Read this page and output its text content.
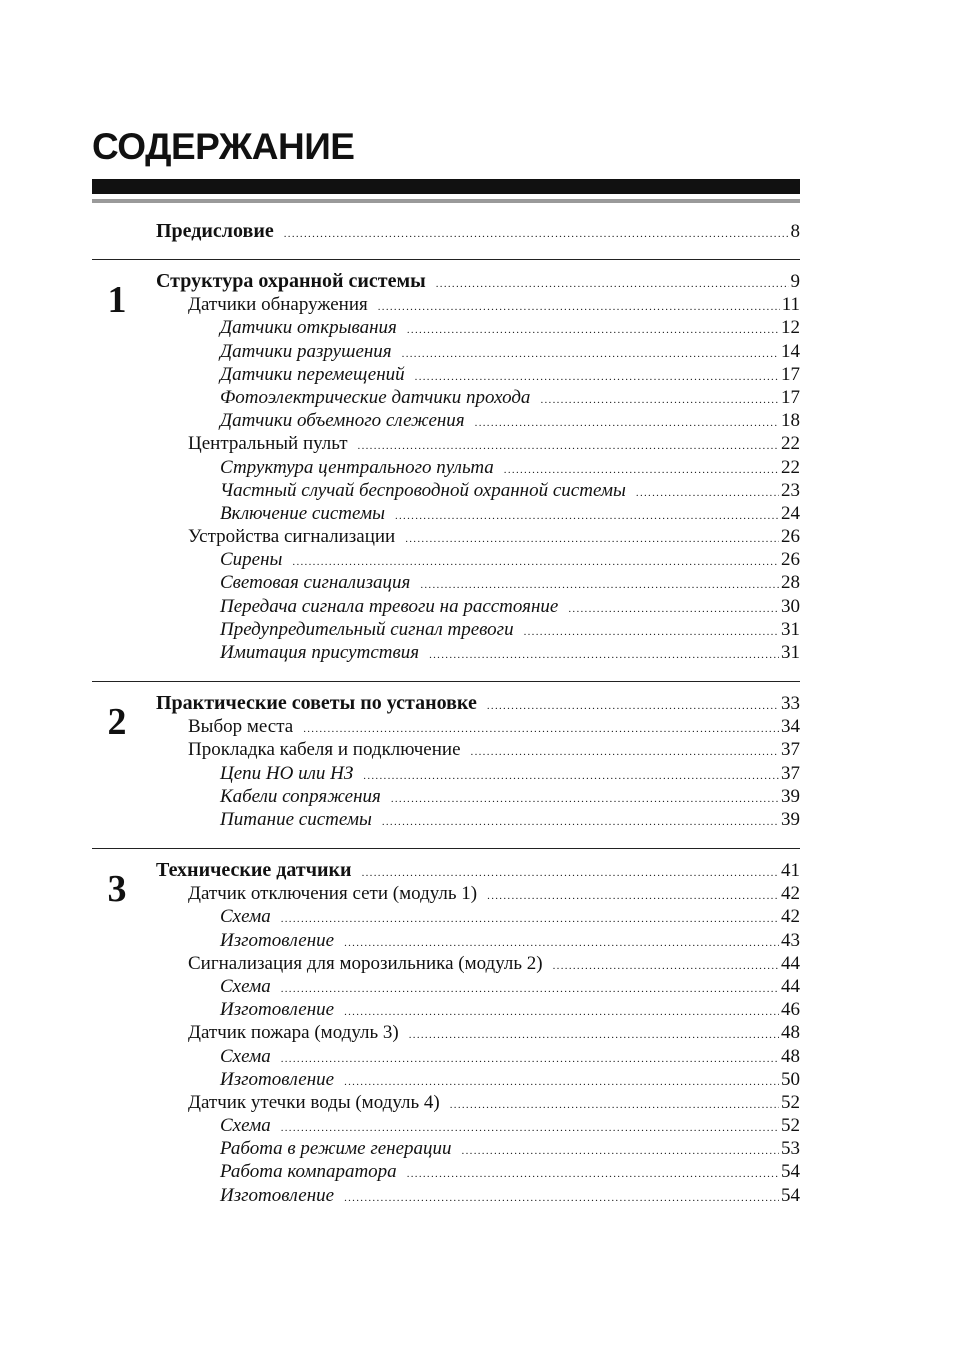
СОДЕРЖАНИЕ
Предисловие .....	8
1 Структура охранной системы .....	9
Датчики обнаружения .....	11
Датчики открывания .....	12
Датчики разрушения .....	14
Датчики перемещений .....	17
Фотоэлектрические датчики прохода .....	17
Датчики объемного слежения .....	18
Центральный пульт .....	22
Структура центрального пульта .....	22
Частный случай беспроводной охранной системы .....	23
Включение системы .....	24
Устройства сигнализации .....	26
Сирены .....	26
Световая сигнализация .....	28
Передача сигнала тревоги на расстояние .....	30
Предупредительный сигнал тревоги .....	31
Имитация присутствия .....	31
2 Практические советы по установке .....	33
Выбор места .....	34
Прокладка кабеля и подключение .....	37
Цепи НО или НЗ .....	37
Кабели сопряжения .....	39
Питание системы .....	39
3 Технические датчики .....	41
Датчик отключения сети (модуль 1) .....	42
Схема .....	42
Изготовление .....	43
Сигнализация для морозильника (модуль 2) .....	44
Схема .....	44
Изготовление .....	46
Датчик пожара (модуль 3) .....	48
Схема .....	48
Изготовление .....	50
Датчик утечки воды (модуль 4) .....	52
Схема .....	52
Работа в режиме генерации .....	53
Работа компаратора .....	54
Изготовление .....	54
